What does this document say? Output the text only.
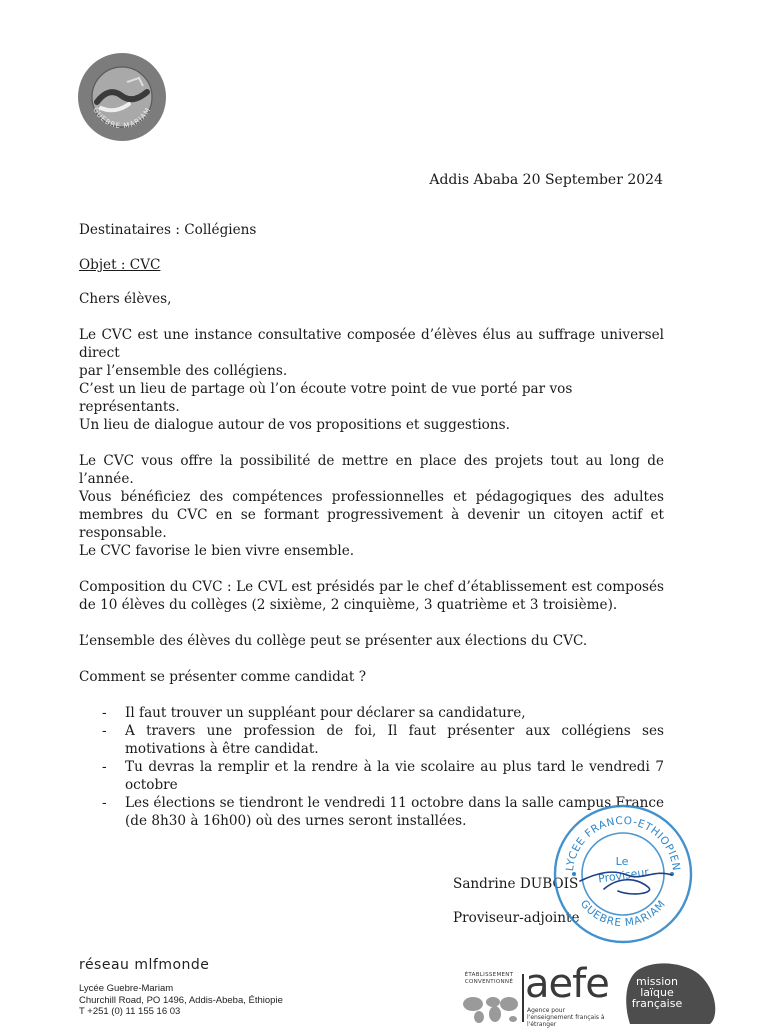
GUEBRE MARIAM
Addis Ababa 20 September 2024

Destinataires : Collégiens

Objet : CVC

Chers élèves,

Le CVC est une instance consultative composée d’élèves élus au suffrage universel direct

par l’ensemble des collégiens.

C’est un lieu de partage où l’on écoute votre point de vue porté par vos représentants.

Un lieu de dialogue autour de vos propositions et suggestions.

Le CVC vous offre la possibilité de mettre en place des projets tout au long de l’année.

Vous bénéficiez des compétences professionnelles et pédagogiques des adultes membres du CVC en se formant progressivement à devenir un citoyen actif et responsable.

Le CVC favorise le bien vivre ensemble.

Composition du CVC : Le CVL est présidés par le chef d’établissement est composés de 10 élèves du collèges (2 sixième, 2 cinquième, 3 quatrième et 3 troisième).

L’ensemble des élèves du collège peut se présenter aux élections du CVC.

Comment se présenter comme candidat ?

- Il faut trouver un suppléant pour déclarer sa candidature,
- A travers une profession de foi, Il faut présenter aux collégiens ses motivations à être candidat.
- Tu devras la remplir et la rendre à la vie scolaire au plus tard le vendredi 7 octobre
- Les élections se tiendront le vendredi 11 octobre dans la salle campus France (de 8h30 à 16h00) où des urnes seront installées.
Sandrine DUBOIS
Proviseur-adjointe
LYCEE FRANCO-ETHIOPIEN
GUEBRE MARIAM
Le
Proviseur
réseau mlfmonde
Lycée Guebre-Mariam
Churchill Road, PO 1496, Addis-Abeba, Éthiopie
T +251 (0) 11 155 16 03
ÉTABLISSEMENT CONVENTIONNÉ aefe
Agence pour l'enseignement français à l'étranger
mission laïque française
